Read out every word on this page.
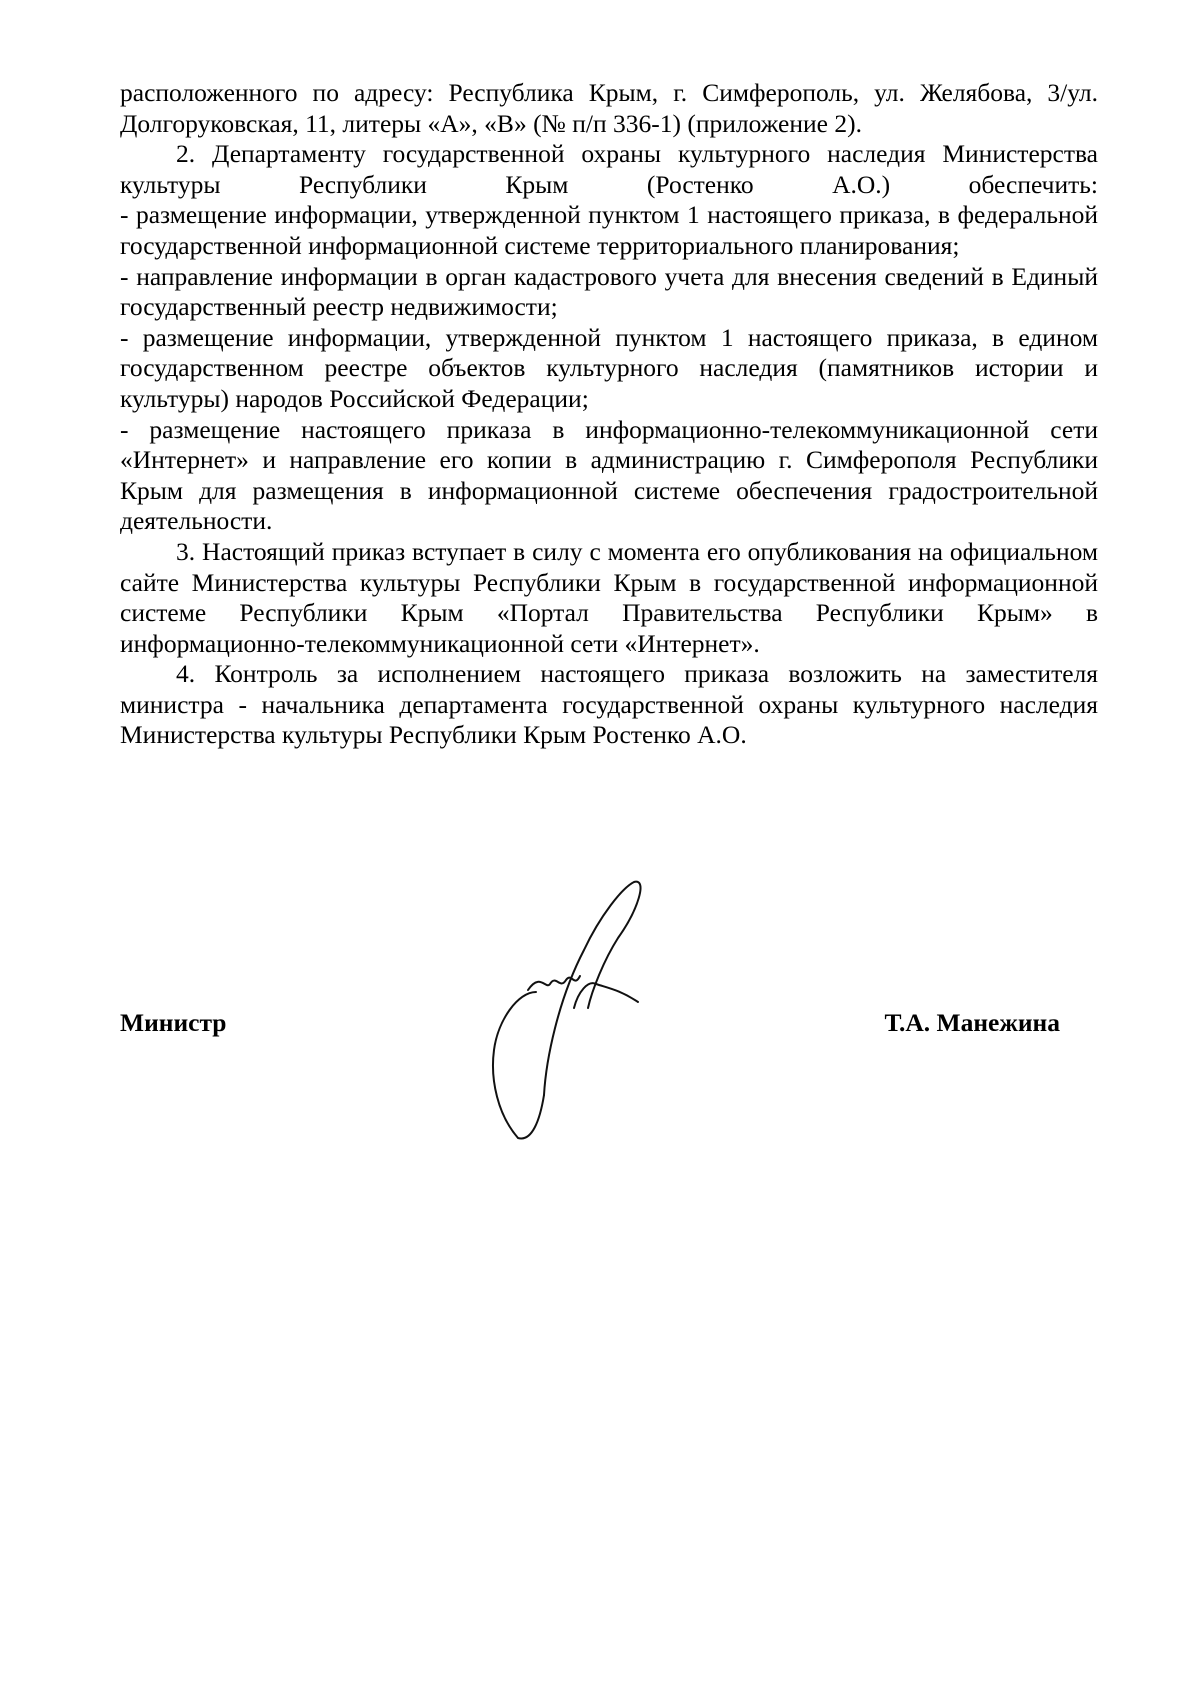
расположенного по адресу: Республика Крым, г. Симферополь, ул. Желябова, 3/ул. Долгоруковская, 11, литеры «А», «В» (№ п/п 336-1) (приложение 2).

2. Департаменту государственной охраны культурного наследия Министерства культуры Республики Крым (Ростенко А.О.) обеспечить:

- размещение информации, утвержденной пунктом 1 настоящего приказа, в федеральной государственной информационной системе территориального планирования;

- направление информации в орган кадастрового учета для внесения сведений в Единый государственный реестр недвижимости;

- размещение информации, утвержденной пунктом 1 настоящего приказа, в едином государственном реестре объектов культурного наследия (памятников истории и культуры) народов Российской Федерации;

- размещение настоящего приказа в информационно-телекоммуникационной сети «Интернет» и направление его копии в администрацию г. Симферополя Республики Крым для размещения в информационной системе обеспечения градостроительной деятельности.

3. Настоящий приказ вступает в силу с момента его опубликования на официальном сайте Министерства культуры Республики Крым в государственной информационной системе Республики Крым «Портал Правительства Республики Крым» в информационно-телекоммуникационной сети «Интернет».

4. Контроль за исполнением настоящего приказа возложить на заместителя министра - начальника департамента государственной охраны культурного наследия Министерства культуры Республики Крым Ростенко А.О.

Министр	Т.А. Манежина
